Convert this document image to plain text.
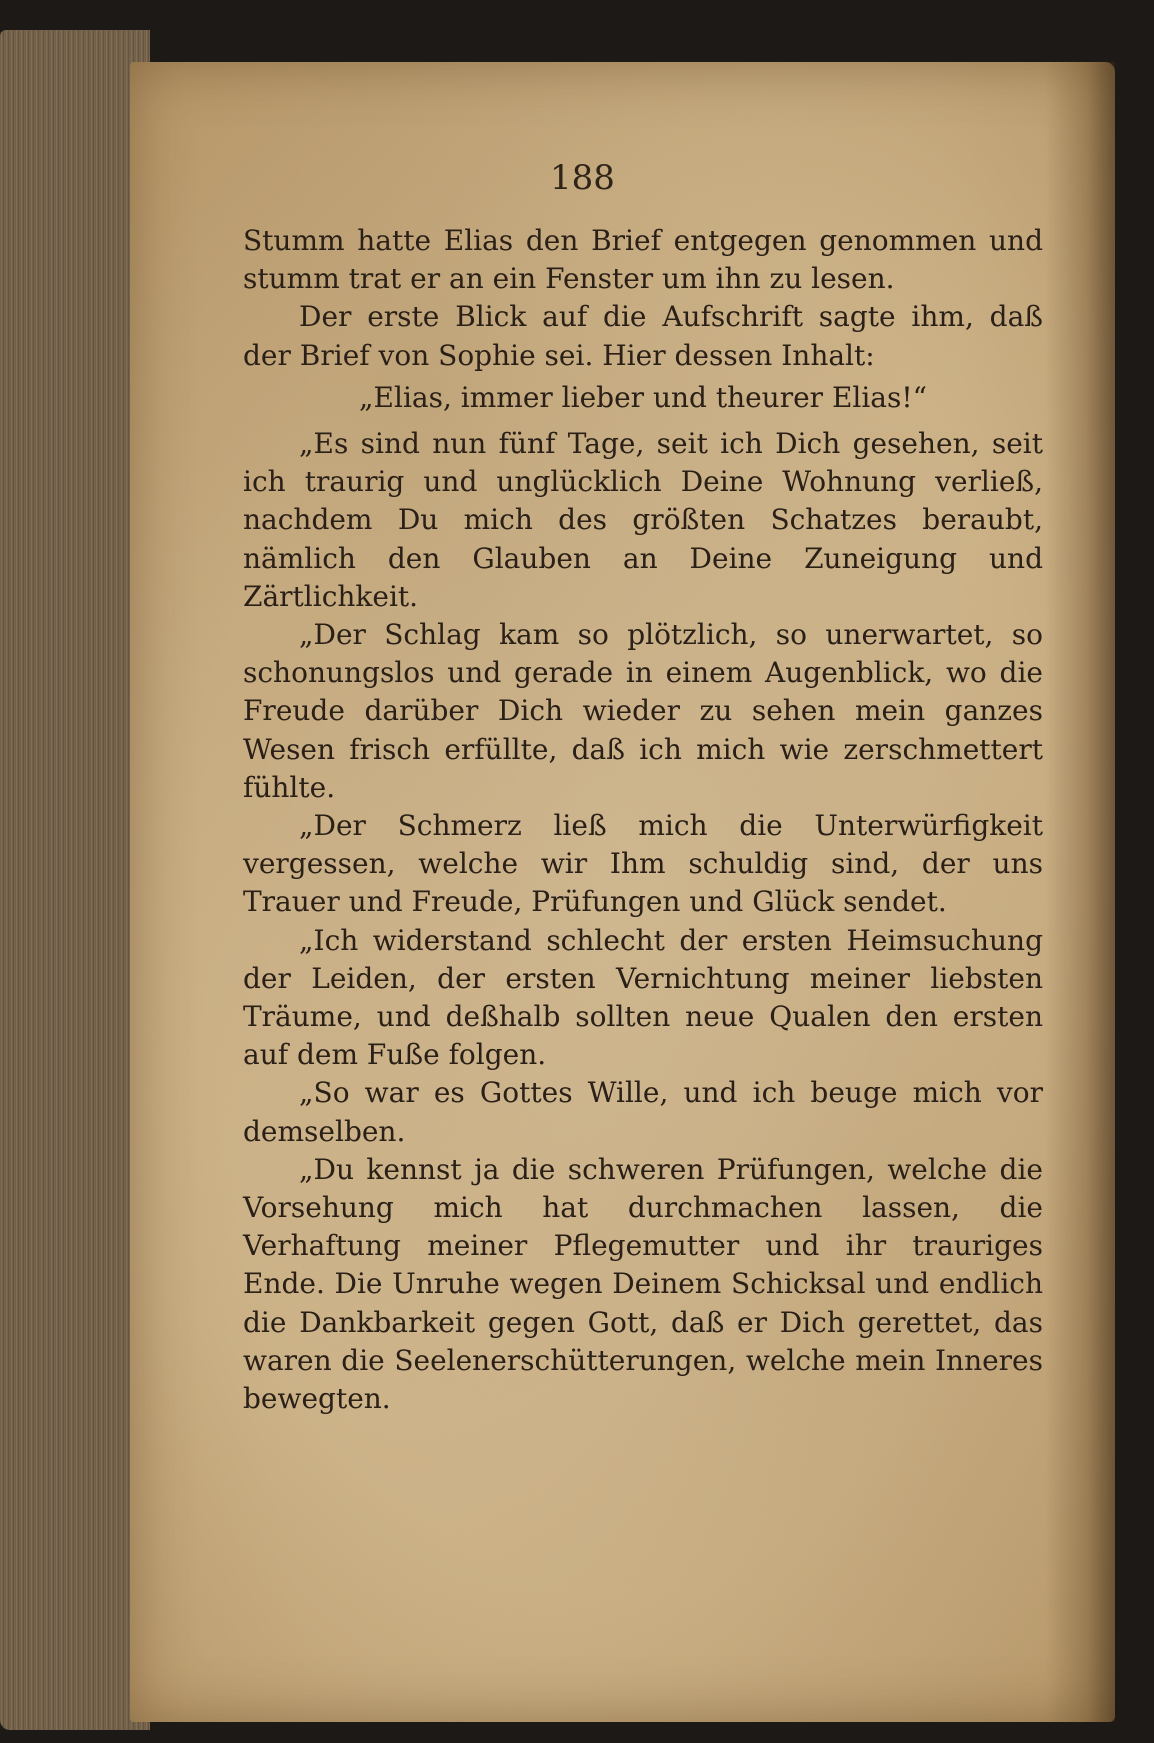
188

Stumm hatte Elias den Brief entgegen genommen und stumm trat er an ein Fenster um ihn zu lesen.

Der erste Blick auf die Aufschrift sagte ihm, daß der Brief von Sophie sei. Hier dessen Inhalt:

„Elias, immer lieber und theurer Elias!“

„Es sind nun fünf Tage, seit ich Dich gesehen, seit ich traurig und unglücklich Deine Wohnung verließ, nachdem Du mich des größten Schatzes beraubt, nämlich den Glauben an Deine Zuneigung und Zärtlichkeit.

„Der Schlag kam so plötzlich, so unerwartet, so schonungslos und gerade in einem Augenblick, wo die Freude darüber Dich wieder zu sehen mein ganzes Wesen frisch erfüllte, daß ich mich wie zerschmettert fühlte.

„Der Schmerz ließ mich die Unterwürfigkeit vergessen, welche wir Ihm schuldig sind, der uns Trauer und Freude, Prüfungen und Glück sendet.

„Ich widerstand schlecht der ersten Heimsuchung der Leiden, der ersten Vernichtung meiner liebsten Träume, und deßhalb sollten neue Qualen den ersten auf dem Fuße folgen.

„So war es Gottes Wille, und ich beuge mich vor demselben.

„Du kennst ja die schweren Prüfungen, welche die Vorsehung mich hat durchmachen lassen, die Verhaftung meiner Pflegemutter und ihr trauriges Ende. Die Unruhe wegen Deinem Schicksal und endlich die Dankbarkeit gegen Gott, daß er Dich gerettet, das waren die Seelenerschütterungen, welche mein Inneres bewegten.
